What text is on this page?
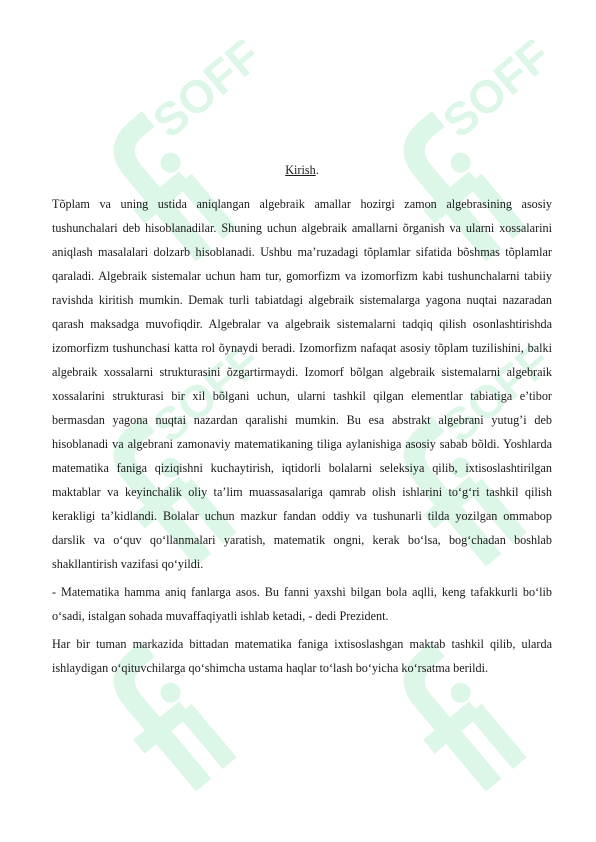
SOFF	SOFF
SOFF	SOFF

Kirish.

Tõplam va uning ustida aniqlangan algebraik amallar hozirgi zamon algebrasining asosiy tushunchalari deb hisoblanadilar. Shuning uchun algebraik amallarni õrganish va ularni xossalarini aniqlash masalalari dolzarb hisoblanadi. Ushbu ma’ruzadagi tõplamlar sifatida bõshmas tõplamlar qaraladi. Algebraik sistemalar uchun ham tur, gomorfizm va izomorfizm kabi tushunchalarni tabiiy ravishda kiritish mumkin. Demak turli tabiatdagi algebraik sistemalarga yagona nuqtai nazaradan qarash maksadga muvofiqdir. Algebralar va algebraik sistemalarni tadqiq qilish osonlashtirishda izomorfizm tushunchasi katta rol õynaydi beradi. Izomorfizm nafaqat asosiy tõplam tuzilishini, balki algebraik xossalarni strukturasini õzgartirmaydi. Izomorf bõlgan algebraik sistemalarni algebraik xossalarini strukturasi bir xil bõlgani uchun, ularni tashkil qilgan elementlar tabiatiga e’tibor bermasdan yagona nuqtai nazardan qaralishi mumkin. Bu esa abstrakt algebrani yutug’i deb hisoblanadi va algebrani zamonaviy matematikaning tiliga aylanishiga asosiy sabab bõldi. Yoshlarda matematika faniga qiziqishni kuchaytirish, iqtidorli bolalarni seleksiya qilib, ixtisoslashtirilgan maktablar va keyinchalik oliy ta’lim muassasalariga qamrab olish ishlarini to‘g‘ri tashkil qilish kerakligi ta’kidlandi. Bolalar uchun mazkur fandan oddiy va tushunarli tilda yozilgan ommabop darslik va o‘quv qo‘llanmalari yaratish, matematik ongni, kerak bo‘lsa, bog‘chadan boshlab shakllantirish vazifasi qo‘yildi.

- Matematika hamma aniq fanlarga asos. Bu fanni yaxshi bilgan bola aqlli, keng tafakkurli bo‘lib o‘sadi, istalgan sohada muvaffaqiyatli ishlab ketadi, - dedi Prezident.

Har bir tuman markazida bittadan matematika faniga ixtisoslashgan maktab tashkil qilib, ularda ishlaydigan o‘qituvchilarga qo‘shimcha ustama haqlar to‘lash bo‘yicha ko‘rsatma berildi.
